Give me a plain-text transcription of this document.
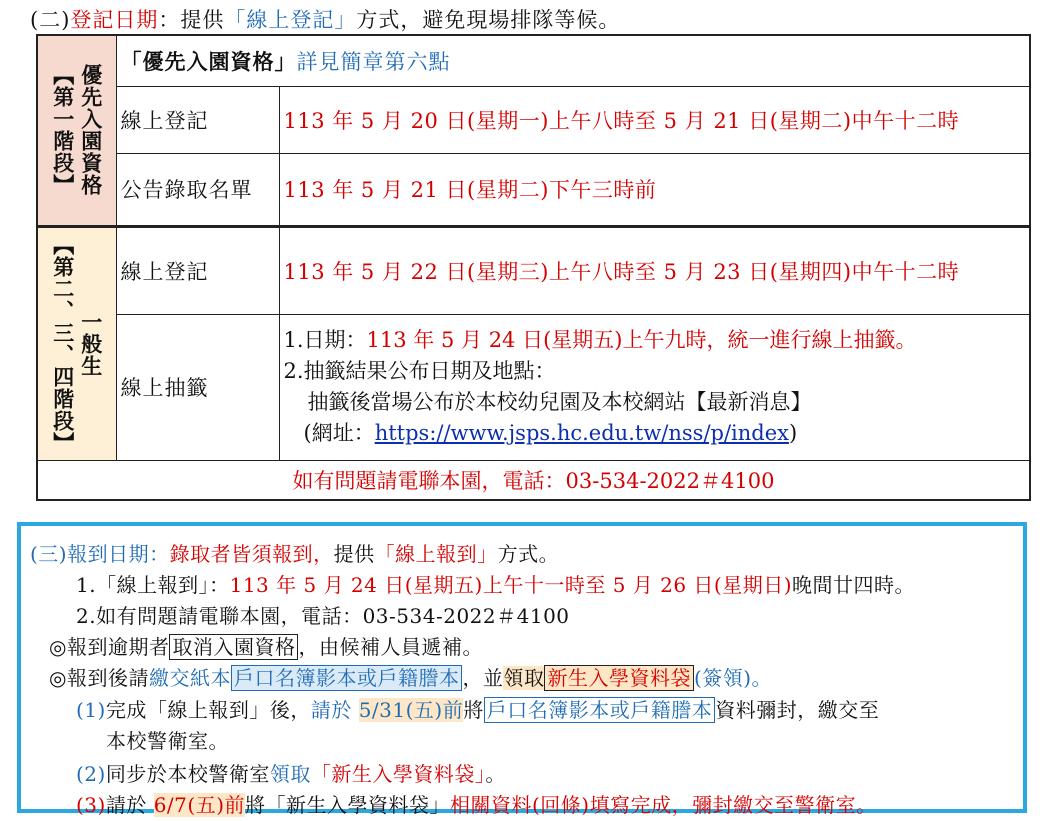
(二)登記日期：提供「線上登記」方式，避免現場排隊等候。
【第一階段】 優先入園資格	「優先入園資格」詳見簡章第六點	
	線上登記	113 年 5 月 20 日(星期一)上午八時至 5 月 21 日(星期二)中午十二時
	公告錄取名單	113 年 5 月 21 日(星期二)下午三時前

【第二、三、四階段】 一般生	線上登記	113 年 5 月 22 日(星期三)上午八時至 5 月 23 日(星期四)中午十二時
	線上抽籤	1.日期：113 年 5 月 24 日(星期五)上午九時，統一進行線上抽籤。
2.抽籤結果公布日期及地點：
抽籤後當場公布於本校幼兒園及本校網站【最新消息】
(網址：https://www.jsps.hc.edu.tw/nss/p/index)

如有問題請電聯本園，電話：03-534-2022＃4100		
(三)報到日期：錄取者皆須報到，提供「線上報到」方式。
1.「線上報到」：113 年 5 月 24 日(星期五)上午十一時至 5 月 26 日(星期日)晚間廿四時。
2.如有問題請電聯本園，電話：03-534-2022＃4100
◎報到逾期者 取消入園資格 ，由候補人員遞補。
◎報到後請繳交紙本 戶口名簿影本或戶籍謄本 ，並領取 新生入學資料袋 (簽領)。
(1)完成「線上報到」後，請於 5/31(五)前將 戶口名簿影本或戶籍謄本 資料彌封，繳交至
本校警衛室。
(2)同步於本校警衛室領取「新生入學資料袋」。
(3)請於 6/7(五)前將「新生入學資料袋」相關資料(回條)填寫完成，彌封繳交至警衛室。
